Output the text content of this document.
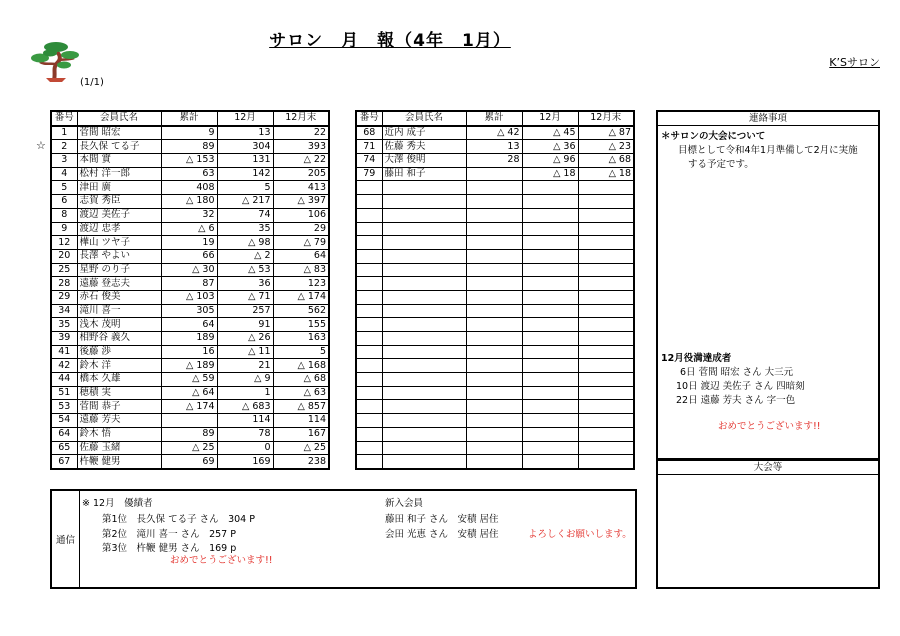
サロン　月　報（4年　1月）
K’Sサロン
(1/1)
☆
番号	会員氏名	累計	12月	12月末
1	菅間 昭宏	9	13	22
2	長久保 てる子	89	304	393
3	本間 實	△ 153	131	△ 22
4	松村 洋一郎	63	142	205
5	津田 廣	408	5	413
6	志賀 秀臣	△ 180	△ 217	△ 397
8	渡辺 美佐子	32	74	106
9	渡辺 忠孝	△ 6	35	29
12	樺山 ツヤ子	19	△ 98	△ 79
20	長澤 やよい	66	△ 2	64
25	星野 のり子	△ 30	△ 53	△ 83
28	遠藤 登志夫	87	36	123
29	赤石 俊美	△ 103	△ 71	△ 174
34	滝川 喜一	305	257	562
35	浅木 茂明	64	91	155
39	相野谷 義久	189	△ 26	163
41	後藤 渉	16	△ 11	5
42	鈴木 洋	△ 189	21	△ 168
44	橋本 久雄	△ 59	△ 9	△ 68
51	穂積 実	△ 64	1	△ 63
53	菅間 恭子	△ 174	△ 683	△ 857
54	遠藤 芳夫		114	114
64	鈴木 悟	89	78	167
65	佐藤 玉緒	△ 25	0	△ 25
67	杵鞭 健男	69	169	238
番号	会員氏名	累計	12月	12月末
68	近内 成子	△ 42	△ 45	△ 87
71	佐藤 秀夫	13	△ 36	△ 23
74	大澤 俊明	28	△ 96	△ 68
79	藤田 和子		△ 18	△ 18

連絡事項
＊サロンの大会について
目標として令和4年1月準備して2月に実施
する予定です。
12月役満達成者
6日 菅間 昭宏 さん 大三元
10日 渡辺 美佐子 さん 四暗刻
22日 遠藤 芳夫 さん 字一色
おめでとうございます!!
大会等
通信
※ 12月　優績者
第1位　長久保 てる子 さん　304 P
第2位　滝川 喜一 さん　257 P
第3位　杵鞭 健男 さん　169 p
おめでとうございます!!
新入会員
藤田 和子 さん　安積 居住
会田 光恵 さん　安積 居住	よろしくお願いします。
